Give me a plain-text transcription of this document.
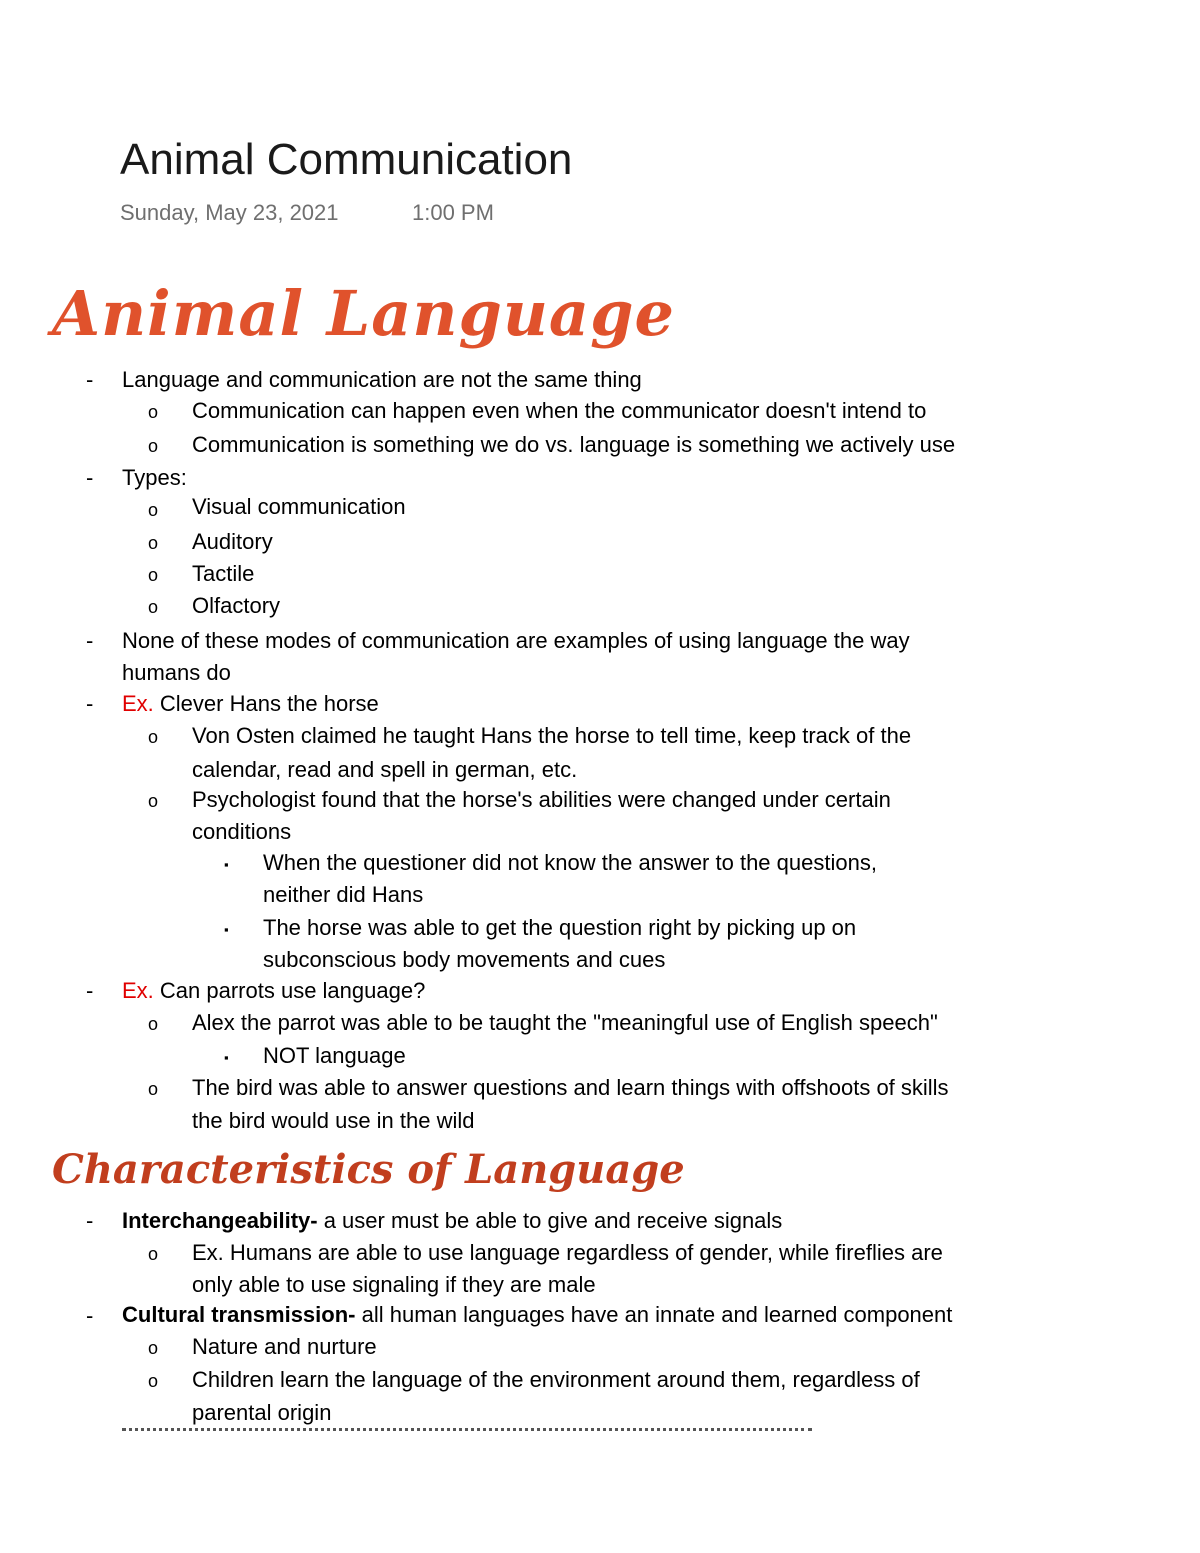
Animal Communication
Sunday, May 23, 2021	1:00 PM
Animal Language
- Language and communication are not the same thing
o Communication can happen even when the communicator doesn't intend to
o Communication is something we do vs. language is something we actively use
- Types:
o Visual communication
o Auditory
o Tactile
o Olfactory
- None of these modes of communication are examples of using language the way
humans do
- Ex. Clever Hans the horse
o Von Osten claimed he taught Hans the horse to tell time, keep track of the
calendar, read and spell in german, etc.
o Psychologist found that the horse's abilities were changed under certain
conditions
▪ When the questioner did not know the answer to the questions,
neither did Hans
▪ The horse was able to get the question right by picking up on
subconscious body movements and cues
- Ex. Can parrots use language?
o Alex the parrot was able to be taught the "meaningful use of English speech"
▪ NOT language
o The bird was able to answer questions and learn things with offshoots of skills
the bird would use in the wild
Characteristics of Language
- Interchangeability- a user must be able to give and receive signals
o Ex. Humans are able to use language regardless of gender, while fireflies are
only able to use signaling if they are male
- Cultural transmission- all human languages have an innate and learned component
o Nature and nurture
o Children learn the language of the environment around them, regardless of
parental origin
